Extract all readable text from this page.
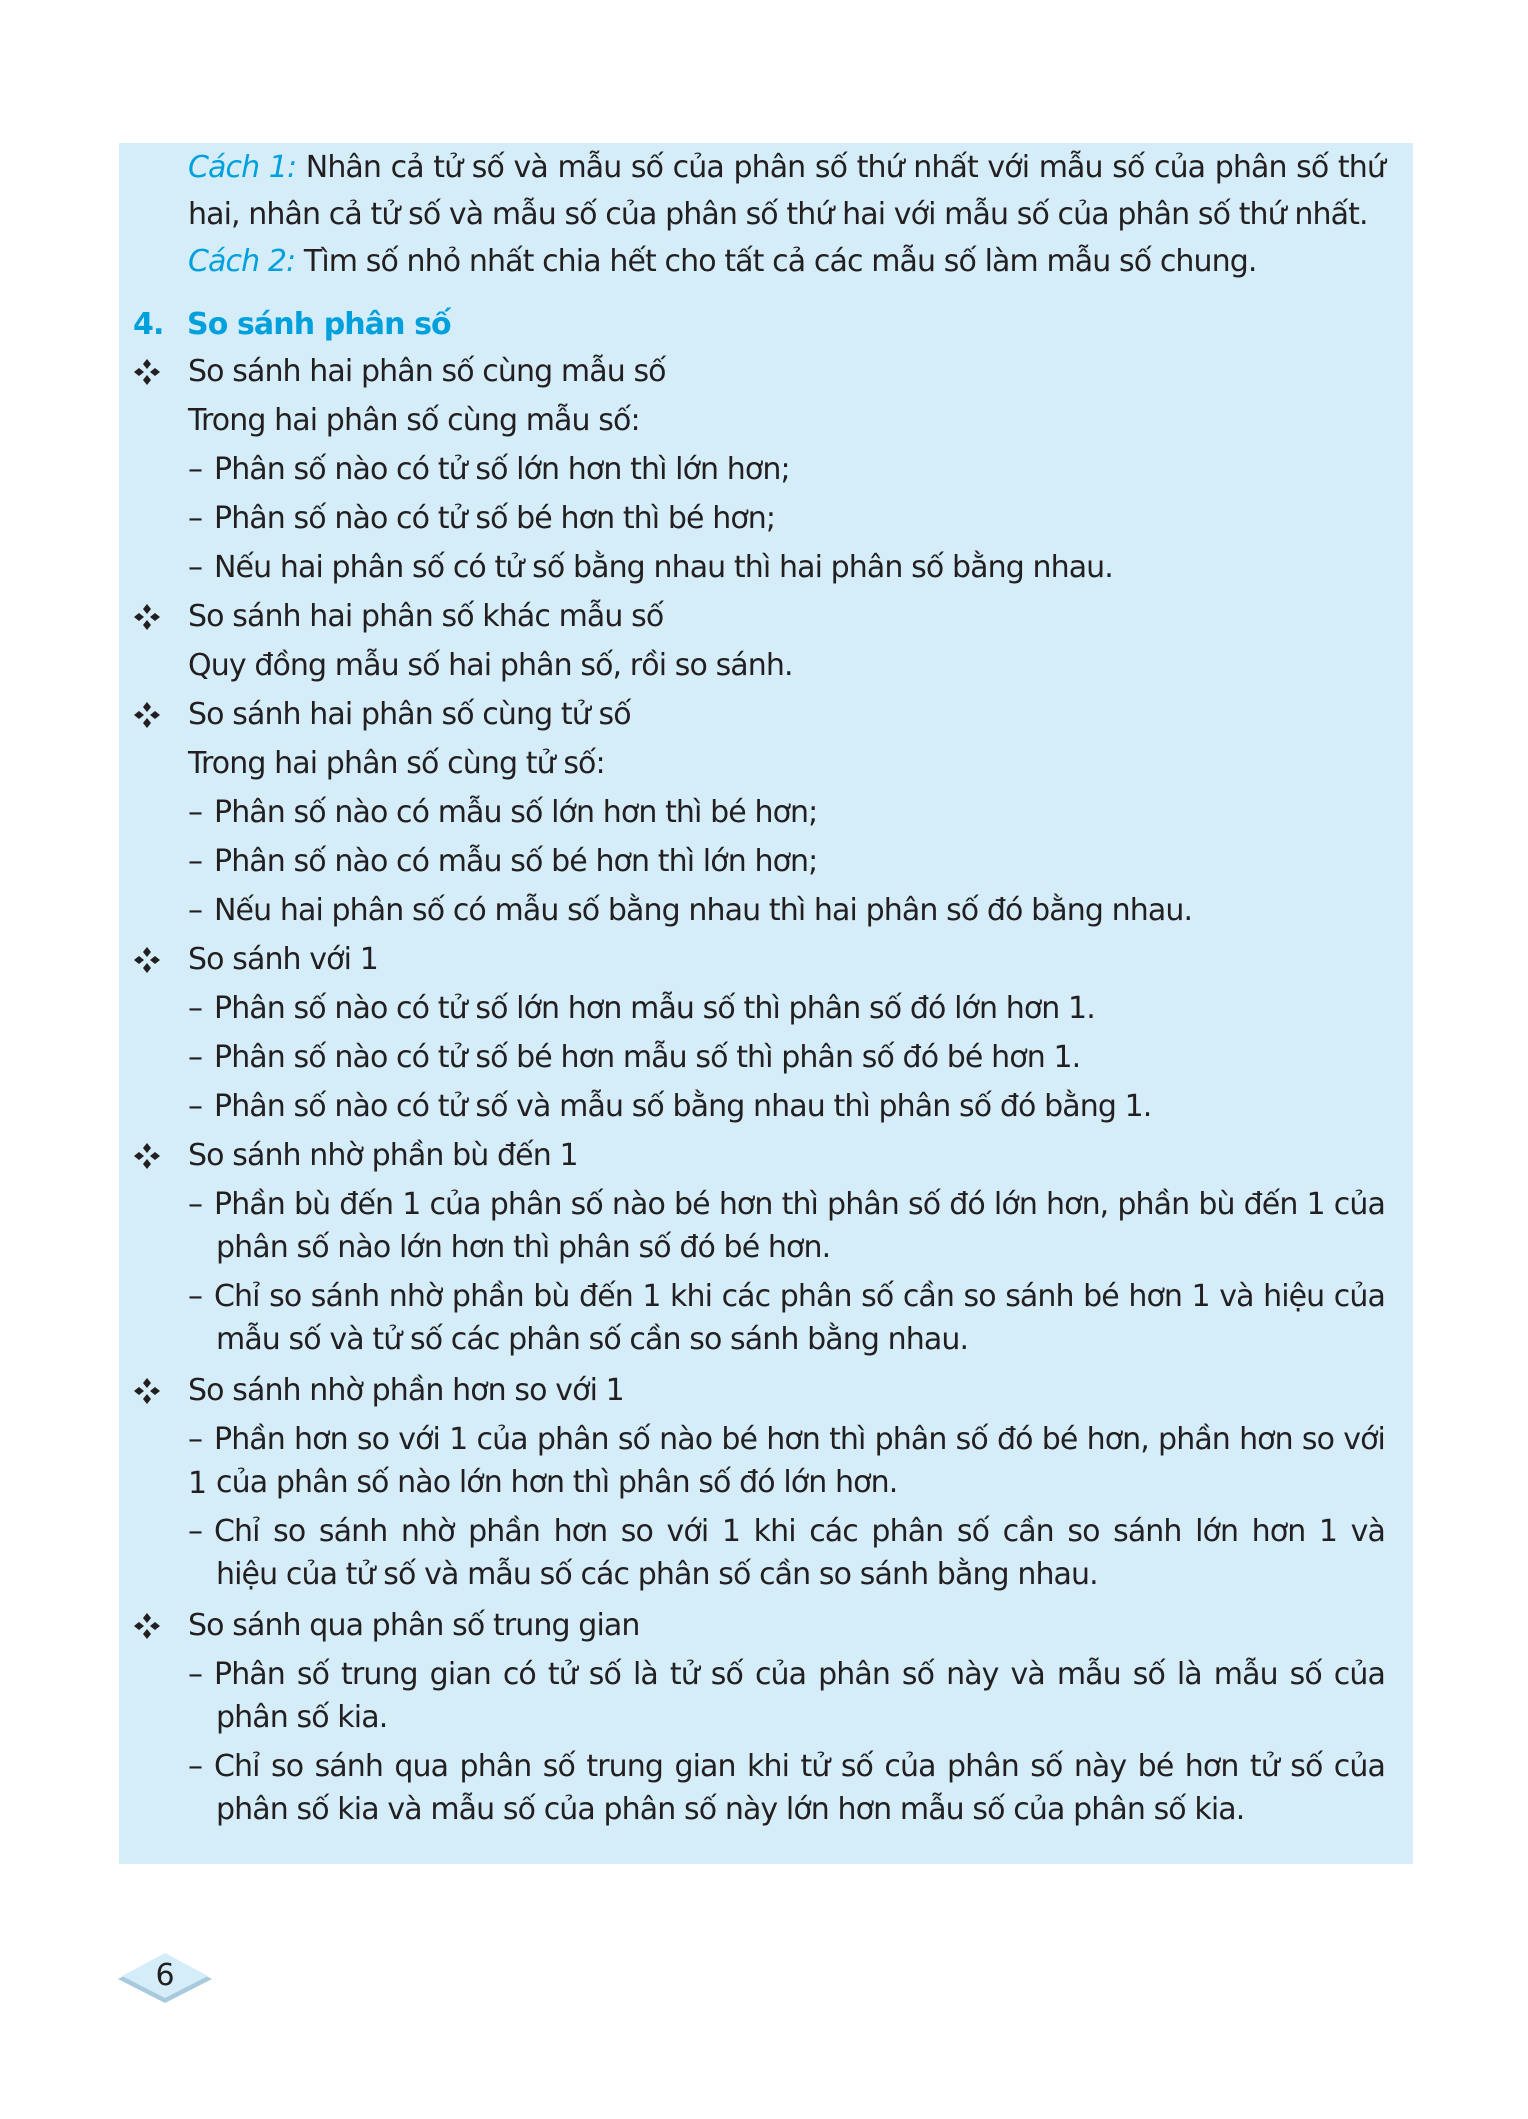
Cách 1: Nhân cả tử số và mẫu số của phân số thứ nhất với mẫu số của phân số thứ
hai, nhân cả tử số và mẫu số của phân số thứ hai với mẫu số của phân số thứ nhất.
Cách 2: Tìm số nhỏ nhất chia hết cho tất cả các mẫu số làm mẫu số chung.
4. So sánh phân số
So sánh hai phân số cùng mẫu số
Trong hai phân số cùng mẫu số:
– Phân số nào có tử số lớn hơn thì lớn hơn;
– Phân số nào có tử số bé hơn thì bé hơn;
– Nếu hai phân số có tử số bằng nhau thì hai phân số bằng nhau.
So sánh hai phân số khác mẫu số
Quy đồng mẫu số hai phân số, rồi so sánh.
So sánh hai phân số cùng tử số
Trong hai phân số cùng tử số:
– Phân số nào có mẫu số lớn hơn thì bé hơn;
– Phân số nào có mẫu số bé hơn thì lớn hơn;
– Nếu hai phân số có mẫu số bằng nhau thì hai phân số đó bằng nhau.
So sánh với 1
– Phân số nào có tử số lớn hơn mẫu số thì phân số đó lớn hơn 1.
– Phân số nào có tử số bé hơn mẫu số thì phân số đó bé hơn 1.
– Phân số nào có tử số và mẫu số bằng nhau thì phân số đó bằng 1.
So sánh nhờ phần bù đến 1
– Phần bù đến 1 của phân số nào bé hơn thì phân số đó lớn hơn, phần bù đến 1 của
phân số nào lớn hơn thì phân số đó bé hơn.
– Chỉ so sánh nhờ phần bù đến 1 khi các phân số cần so sánh bé hơn 1 và hiệu của
mẫu số và tử số các phân số cần so sánh bằng nhau.
So sánh nhờ phần hơn so với 1
– Phần hơn so với 1 của phân số nào bé hơn thì phân số đó bé hơn, phần hơn so với 1 của phân số nào lớn hơn thì phân số đó lớn hơn.
– Chỉ so sánh nhờ phần hơn so với 1 khi các phân số cần so sánh lớn hơn 1 và
hiệu của tử số và mẫu số các phân số cần so sánh bằng nhau.
So sánh qua phân số trung gian
– Phân số trung gian có tử số là tử số của phân số này và mẫu số là mẫu số của
phân số kia.
– Chỉ so sánh qua phân số trung gian khi tử số của phân số này bé hơn tử số của
phân số kia và mẫu số của phân số này lớn hơn mẫu số của phân số kia.
6
